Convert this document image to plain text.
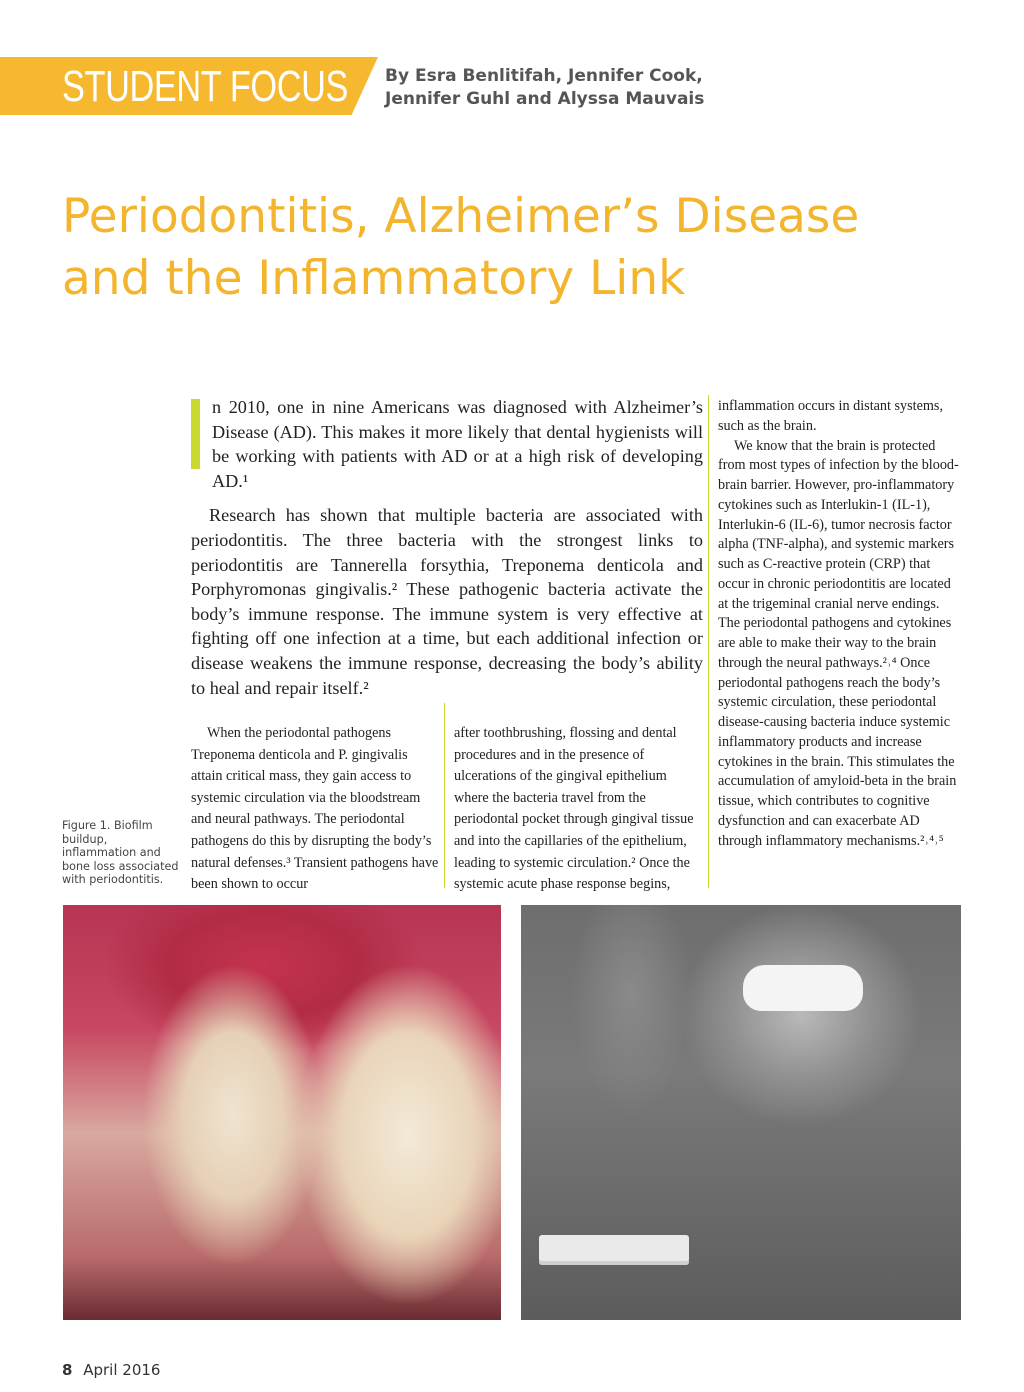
STUDENT FOCUS By Esra Benlitifah, Jennifer Cook,
Jennifer Guhl and Alyssa Mauvais
Periodontitis, Alzheimer’s Disease
and the Inflammatory Link

n 2010, one in nine Americans was diagnosed with Alzheimer’s Disease (AD). This makes it more likely that dental hygienists will be working with patients with AD or at a high risk of developing AD.¹

Research has shown that multiple bacteria are associated with periodontitis. The three bacteria with the strongest links to periodontitis are Tannerella forsythia, Treponema denticola and Porphyromonas gingivalis.² These pathogenic bacteria activate the body’s immune response. The immune system is very effective at fighting off one infection at a time, but each additional infection or disease weakens the immune response, decreasing the body’s ability to heal and repair itself.²

When the periodontal pathogens Treponema denticola and P. gingivalis attain critical mass, they gain access to systemic circulation via the bloodstream and neural pathways. The periodontal pathogens do this by disrupting the body’s natural defenses.³ Transient pathogens have been shown to occur

after toothbrushing, flossing and dental procedures and in the presence of ulcerations of the gingival epithelium where the bacteria travel from the periodontal pocket through gingival tissue and into the capillaries of the epithelium, leading to systemic circulation.² Once the systemic acute phase response begins,

inflammation occurs in distant systems, such as the brain.

We know that the brain is protected from most types of infection by the blood-brain barrier. However, pro-inflammatory cytokines such as Interlukin-1 (IL-1), Interlukin-6 (IL-6), tumor necrosis factor alpha (TNF-alpha), and systemic markers such as C-reactive protein (CRP) that occur in chronic periodontitis are located at the trigeminal cranial nerve endings. The periodontal pathogens and cytokines are able to make their way to the brain through the neural pathways.²˒⁴ Once periodontal pathogens reach the body’s systemic circulation, these periodontal disease-causing bacteria induce systemic inflammatory products and increase cytokines in the brain. This stimulates the accumulation of amyloid-beta in the brain tissue, which contributes to cognitive dysfunction and can exacerbate AD through inflammatory mechanisms.²˒⁴˒⁵

Figure 1. Biofilm buildup, inflammation and bone loss associated with periodontitis.
8 April 2016
